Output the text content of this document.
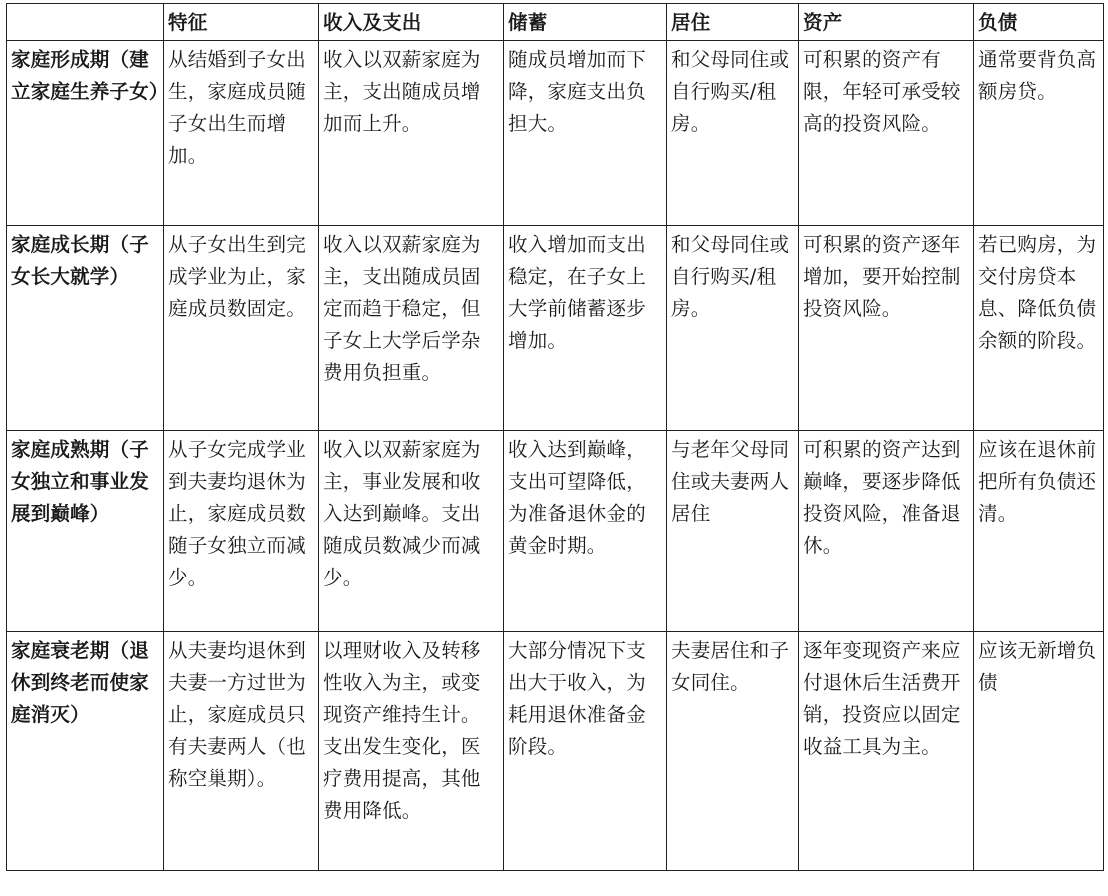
	特征	收入及支出	储蓄	居住	资产	负债
家庭形成期（建立家庭生养子女）	从结婚到子女出生，家庭成员随子女出生而增加。	收入以双薪家庭为主，支出随成员增加而上升。	随成员增加而下降，家庭支出负担大。	和父母同住或自行购买/租房。	可积累的资产有限，年轻可承受较高的投资风险。	通常要背负高额房贷。
家庭成长期（子女长大就学）	从子女出生到完成学业为止，家庭成员数固定。	收入以双薪家庭为主，支出随成员固定而趋于稳定，但子女上大学后学杂费用负担重。	收入增加而支出稳定，在子女上大学前储蓄逐步增加。	和父母同住或自行购买/租房。	可积累的资产逐年增加，要开始控制投资风险。	若已购房，为交付房贷本息、降低负债余额的阶段。
家庭成熟期（子女独立和事业发展到巅峰）	从子女完成学业到夫妻均退休为止，家庭成员数随子女独立而减少。	收入以双薪家庭为主，事业发展和收入达到巅峰。支出随成员数减少而减少。	收入达到巅峰，支出可望降低，为准备退休金的黄金时期。	与老年父母同住或夫妻两人居住	可积累的资产达到巅峰，要逐步降低投资风险，准备退休。	应该在退休前把所有负债还清。
家庭衰老期（退休到终老而使家庭消灭）	从夫妻均退休到夫妻一方过世为止，家庭成员只有夫妻两人（也称空巢期）。	以理财收入及转移性收入为主，或变现资产维持生计。支出发生变化，医疗费用提高，其他费用降低。	大部分情况下支出大于收入，为耗用退休准备金阶段。	夫妻居住和子女同住。	逐年变现资产来应付退休后生活费开销，投资应以固定收益工具为主。	应该无新增负债
